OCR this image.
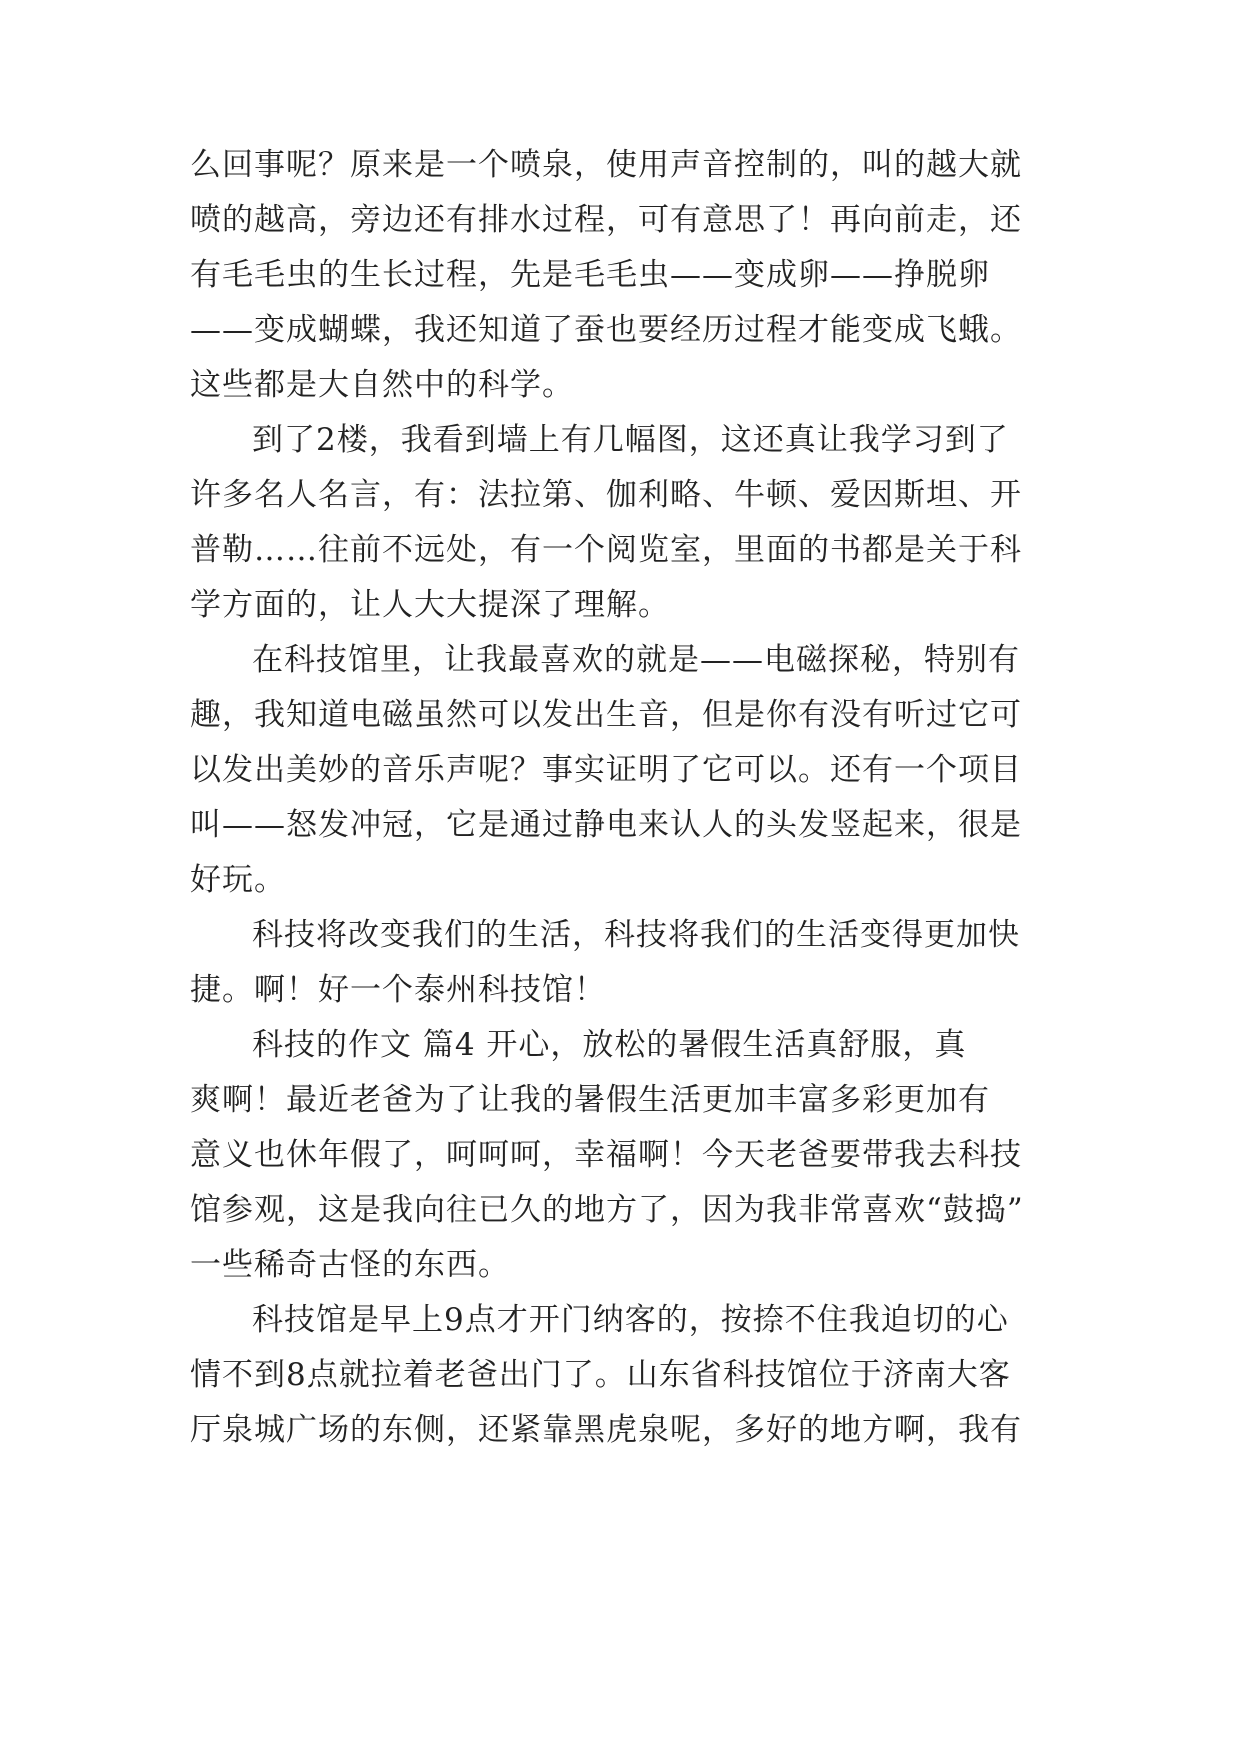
么回事呢？原来是一个喷泉，使用声音控制的，叫的越大就
喷的越高，旁边还有排水过程，可有意思了！再向前走，还
有毛毛虫的生长过程，先是毛毛虫——变成卵——挣脱卵
——变成蝴蝶，我还知道了蚕也要经历过程才能变成飞蛾。
这些都是大自然中的科学。
到了2楼，我看到墙上有几幅图，这还真让我学习到了
许多名人名言，有：法拉第、伽利略、牛顿、爱因斯坦、开
普勒……往前不远处，有一个阅览室，里面的书都是关于科
学方面的，让人大大提深了理解。
在科技馆里，让我最喜欢的就是——电磁探秘，特别有
趣，我知道电磁虽然可以发出生音，但是你有没有听过它可
以发出美妙的音乐声呢？事实证明了它可以。还有一个项目
叫——怒发冲冠，它是通过静电来认人的头发竖起来，很是
好玩。
科技将改变我们的生活，科技将我们的生活变得更加快
捷。啊！好一个泰州科技馆！
科技的作文 篇4 开心，放松的暑假生活真舒服，真
爽啊！最近老爸为了让我的暑假生活更加丰富多彩更加有
意义也休年假了，呵呵呵，幸福啊！今天老爸要带我去科技
馆参观，这是我向往已久的地方了，因为我非常喜欢“鼓捣”
一些稀奇古怪的东西。
科技馆是早上9点才开门纳客的，按捺不住我迫切的心
情不到8点就拉着老爸出门了。山东省科技馆位于济南大客
厅泉城广场的东侧，还紧靠黑虎泉呢，多好的地方啊，我有
